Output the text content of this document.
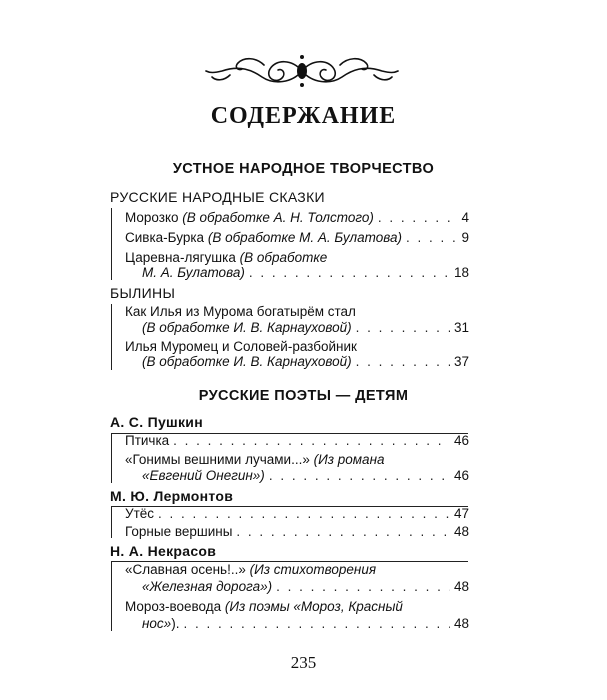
СОДЕРЖАНИЕ
УСТНОЕ НАРОДНОЕ ТВОРЧЕСТВО
РУССКИЕ НАРОДНЫЕ СКАЗКИ
Морозко (В обработке А. Н. Толстого) . . .	4
Сивка-Бурка (В обработке М. А. Булатова) . . .	9
Царевна-лягушка (В обработке
М. А. Булатова) . . .	18
БЫЛИНЫ
Как Илья из Мурома богатырём стал
(В обработке И. В. Карнауховой) . . .	31
Илья Муромец и Соловей-разбойник
(В обработке И. В. Карнауховой) . . .	37
РУССКИЕ ПОЭТЫ — ДЕТЯМ
А. С. Пушкин
Птичка . . .	46
«Гонимы вешними лучами...» (Из романа
«Евгений Онегин») . . .	46
М. Ю. Лермонтов
Утёс . . .	47
Горные вершины . . .	48
Н. А. Некрасов
«Славная осень!..» (Из стихотворения
«Железная дорога») . . .	48
Мороз-воевода (Из поэмы «Мороз, Красный
нос»). . . .	48
235
